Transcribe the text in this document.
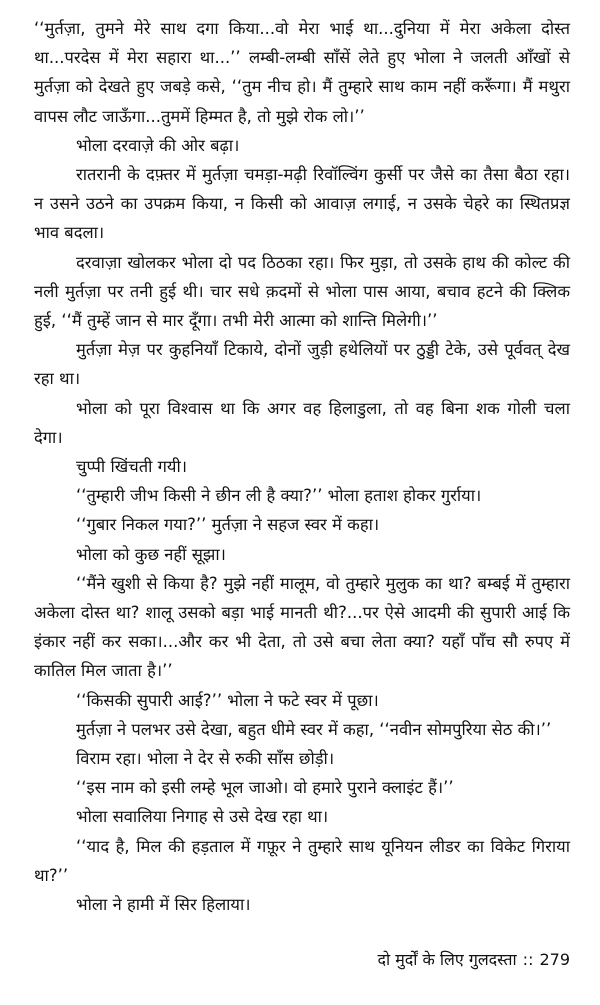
‘‘मुर्तज़ा, तुमने मेरे साथ दगा किया...वो मेरा भाई था...दुनिया में मेरा अकेला दोस्त था...परदेस में मेरा सहारा था...’’ लम्बी-लम्बी साँसें लेते हुए भोला ने जलती आँखों से मुर्तज़ा को देखते हुए जबड़े कसे, ‘‘तुम नीच हो। मैं तुम्हारे साथ काम नहीं करूँगा। मैं मथुरा वापस लौट जाऊँगा...तुममें हिम्मत है, तो मुझे रोक लो।’’

भोला दरवाज़े की ओर बढ़ा।

रातरानी के दफ़्तर में मुर्तज़ा चमड़ा-मढ़ी रिवॉल्विंग कुर्सी पर जैसे का तैसा बैठा रहा। न उसने उठने का उपक्रम किया, न किसी को आवाज़ लगाई, न उसके चेहरे का स्थितप्रज्ञ भाव बदला।

दरवाज़ा खोलकर भोला दो पद ठिठका रहा। फिर मुड़ा, तो उसके हाथ की कोल्ट की नली मुर्तज़ा पर तनी हुई थी। चार सधे क़दमों से भोला पास आया, बचाव हटने की क्लिक हुई, ‘‘मैं तुम्हें जान से मार दूँगा। तभी मेरी आत्मा को शान्ति मिलेगी।’’

मुर्तज़ा मेज़ पर कुहनियाँ टिकाये, दोनों जुड़ी हथेलियों पर ठुड्डी टेके, उसे पूर्ववत् देख रहा था।

भोला को पूरा विश्वास था कि अगर वह हिलाडुला, तो वह बिना शक गोली चला देगा।

चुप्पी खिंचती गयी।

‘‘तुम्हारी जीभ किसी ने छीन ली है क्या?’’ भोला हताश होकर गुर्राया।

‘‘गुबार निकल गया?’’ मुर्तज़ा ने सहज स्वर में कहा।

भोला को कुछ नहीं सूझा।

‘‘मैंने खुशी से किया है? मुझे नहीं मालूम, वो तुम्हारे मुलुक का था? बम्बई में तुम्हारा अकेला दोस्त था? शालू उसको बड़ा भाई मानती थी?...पर ऐसे आदमी की सुपारी आई कि इंकार नहीं कर सका।...और कर भी देता, तो उसे बचा लेता क्या? यहाँ पाँच सौ रुपए में कातिल मिल जाता है।’’

‘‘किसकी सुपारी आई?’’ भोला ने फटे स्वर में पूछा।

मुर्तज़ा ने पलभर उसे देखा, बहुत धीमे स्वर में कहा, ‘‘नवीन सोमपुरिया सेठ की।’’

विराम रहा। भोला ने देर से रुकी साँस छोड़ी।

‘‘इस नाम को इसी लम्हे भूल जाओ। वो हमारे पुराने क्लाइंट हैं।’’

भोला सवालिया निगाह से उसे देख रहा था।

‘‘याद है, मिल की हड़ताल में गफ़ूर ने तुम्हारे साथ यूनियन लीडर का विकेट गिराया था?’’

भोला ने हामी में सिर हिलाया।

दो मुर्दों के लिए गुलदस्ता :: 279
